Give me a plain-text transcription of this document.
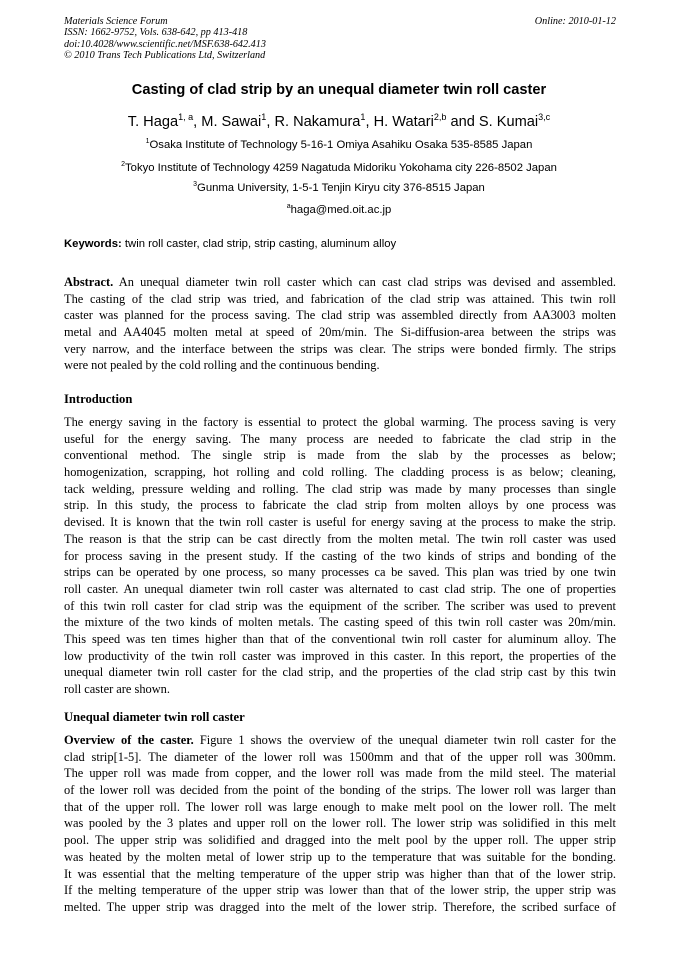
Materials Science Forum
ISSN: 1662-9752, Vols. 638-642, pp 413-418
doi:10.4028/www.scientific.net/MSF.638-642.413
© 2010 Trans Tech Publications Ltd, Switzerland
Online: 2010-01-12
Casting of clad strip by an unequal diameter twin roll caster
T. Haga$^{1, a}$, M. Sawai$^1$, R. Nakamura$^1$, H. Watari$^{2,b}$ and S. Kumai$^{3,c}$
$^1$Osaka Institute of Technology 5-16-1 Omiya Asahiku Osaka 535-8585 Japan
$^2$Tokyo Institute of Technology 4259 Nagatuda Midoriku Yokohama city 226-8502 Japan
$^3$Gunma University, 1-5-1 Tenjin Kiryu city 376-8515 Japan
$^a$haga@med.oit.ac.jp
Keywords: twin roll caster, clad strip, strip casting, aluminum alloy
Abstract. An unequal diameter twin roll caster which can cast clad strips was devised and assembled.
The casting of the clad strip was tried, and fabrication of the clad strip was attained. This twin roll
caster was planned for the process saving. The clad strip was assembled directly from AA3003 molten
metal and AA4045 molten metal at speed of 20m/min. The Si-diffusion-area between the strips was
very narrow, and the interface between the strips was clear. The strips were bonded firmly. The strips
were not pealed by the cold rolling and the continuous bending.
Introduction
The energy saving in the factory is essential to protect the global warming. The process saving is very
useful for the energy saving. The many process are needed to fabricate the clad strip in the
conventional method. The single strip is made from the slab by the processes as below;
homogenization, scrapping, hot rolling and cold rolling. The cladding process is as below; cleaning,
tack welding, pressure welding and rolling. The clad strip was made by many processes than single
strip. In this study, the process to fabricate the clad strip from molten alloys by one process was
devised. It is known that the twin roll caster is useful for energy saving at the process to make the strip.
The reason is that the strip can be cast directly from the molten metal. The twin roll caster was used
for process saving in the present study. If the casting of the two kinds of strips and bonding of the
strips can be operated by one process, so many processes ca be saved. This plan was tried by one twin
roll caster. An unequal diameter twin roll caster was alternated to cast clad strip. The one of properties
of this twin roll caster for clad strip was the equipment of the scriber. The scriber was used to prevent
the mixture of the two kinds of molten metals. The casting speed of this twin roll caster was 20m/min.
This speed was ten times higher than that of the conventional twin roll caster for aluminum alloy. The
low productivity of the twin roll caster was improved in this caster. In this report, the properties of the
unequal diameter twin roll caster for the clad strip, and the properties of the clad strip cast by this twin
roll caster are shown.
Unequal diameter twin roll caster
Overview of the caster. Figure 1 shows the overview of the unequal diameter twin roll caster for the
clad strip[1-5]. The diameter of the lower roll was 1500mm and that of the upper roll was 300mm.
The upper roll was made from copper, and the lower roll was made from the mild steel. The material
of the lower roll was decided from the point of the bonding of the strips. The lower roll was larger than
that of the upper roll. The lower roll was large enough to make melt pool on the lower roll. The melt
was pooled by the 3 plates and upper roll on the lower roll. The lower strip was solidified in this melt
pool. The upper strip was solidified and dragged into the melt pool by the upper roll. The upper strip
was heated by the molten metal of lower strip up to the temperature that was suitable for the bonding.
It was essential that the melting temperature of the upper strip was higher than that of the lower strip.
If the melting temperature of the upper strip was lower than that of the lower strip, the upper strip was
melted. The upper strip was dragged into the melt of the lower strip. Therefore, the scribed surface of
